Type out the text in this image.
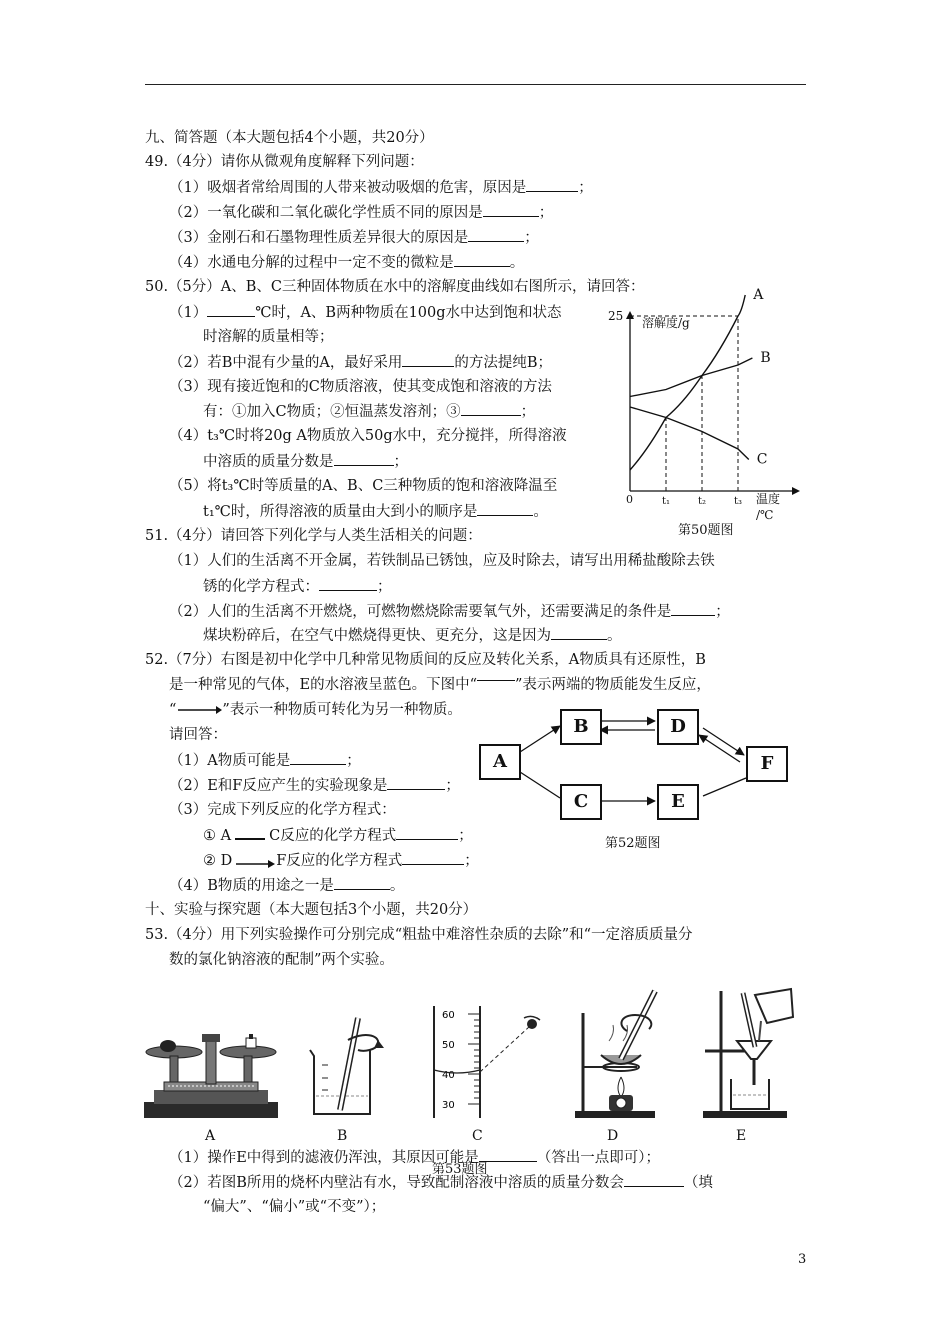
九、简答题（本大题包括4个小题，共20分）
49.（4分）请你从微观角度解释下列问题：
（1）吸烟者常给周围的人带来被动吸烟的危害，原因是	；
（2）一氧化碳和二氧化碳化学性质不同的原因是	；
（3）金刚石和石墨物理性质差异很大的原因是	；
（4）水通电分解的过程中一定不变的微粒是	。
50.（5分）A、B、C三种固体物质在水中的溶解度曲线如右图所示，请回答：
（1）	℃时，A、B两种物质在100g水中达到饱和状态
时溶解的质量相等；
（2）若B中混有少量的A，最好采用	的方法提纯B；
（3）现有接近饱和的C物质溶液，使其变成饱和溶液的方法
有：①加入C物质；②恒温蒸发溶剂；③	；
（4）t₃℃时将20g A物质放入50g水中，充分搅拌，所得溶液
中溶质的质量分数是	；
（5）将t₃℃时等质量的A、B、C三种物质的饱和溶液降温至
t₁℃时，所得溶液的质量由大到小的顺序是	。
溶解度/g
0	t₁	t₂	t₃
25
A
B
C
温度
/℃
第50题图
51.（4分）请回答下列化学与人类生活相关的问题：
（1）人们的生活离不开金属，若铁制品已锈蚀，应及时除去，请写出用稀盐酸除去铁
锈的化学方程式：	；
（2）人们的生活离不开燃烧，可燃物燃烧除需要氧气外，还需要满足的条件是	；
煤块粉碎后，在空气中燃烧得更快、更充分，这是因为	。
52.（7分）右图是初中化学中几种常见物质间的反应及转化关系，A物质具有还原性，B
是一种常见的气体，E的水溶液呈蓝色。下图中“	”表示两端的物质能发生反应，
“	”表示一种物质可转化为另一种物质。
请回答：
（1）A物质可能是	；
（2）E和F反应产生的实验现象是	；
（3）完成下列反应的化学方程式：
① A	C反应的化学方程式	；
② D	F反应的化学方程式	；
（4）B物质的用途之一是	。
A
B
C
D
E
F
第52题图
十、实验与探究题（本大题包括3个小题，共20分）
53.（4分）用下列实验操作可分别完成“粗盐中难溶性杂质的去除”和“一定溶质质量分
数的氯化钠溶液的配制”两个实验。
60
50
40
30
A	B	C	D	E
第53题图
（1）操作E中得到的滤液仍浑浊，其原因可能是	（答出一点即可）；
（2）若图B所用的烧杯内壁沾有水，导致配制溶液中溶质的质量分数会	（填
“偏大”、“偏小”或“不变”）；
3
